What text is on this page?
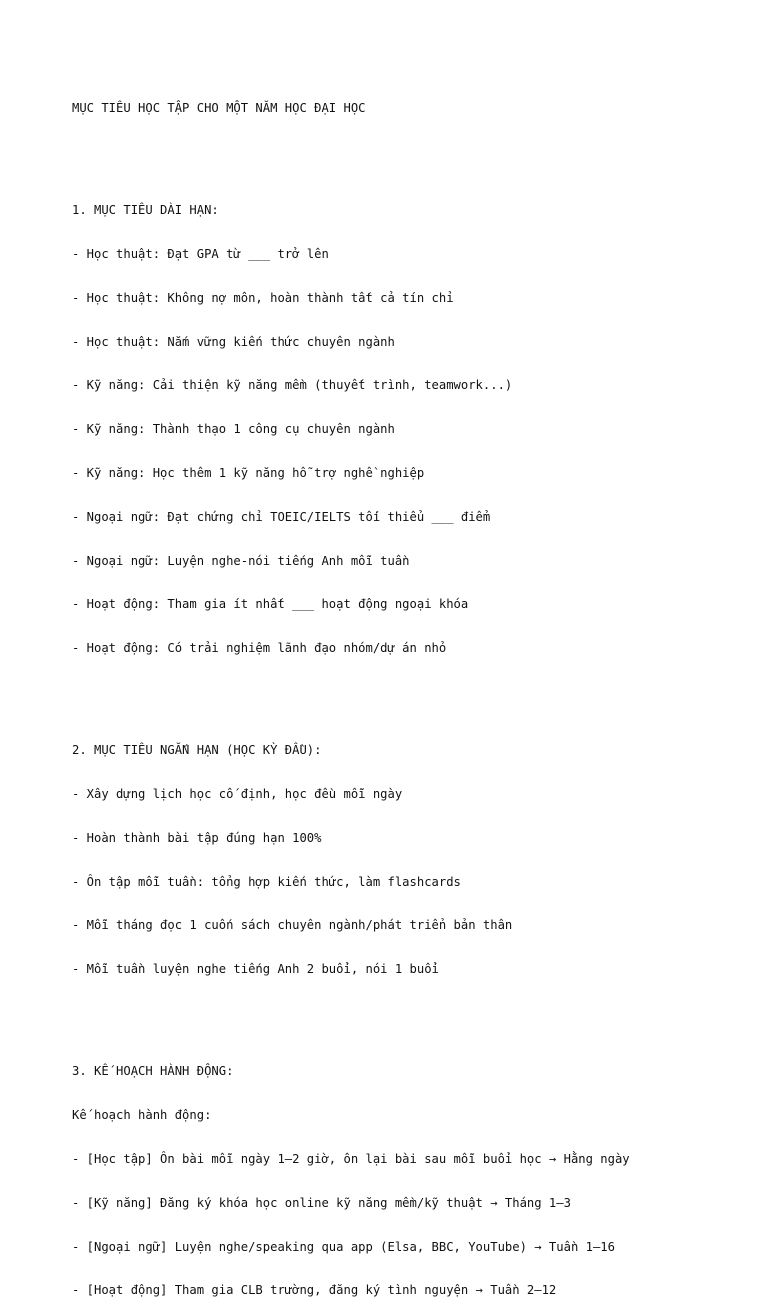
MỤC TIÊU HỌC TẬP CHO MỘT NĂM HỌC ĐẠI HỌC

1. MỤC TIÊU DÀI HẠN:

- Học thuật: Đạt GPA từ ___ trở lên

- Học thuật: Không nợ môn, hoàn thành tất cả tín chỉ

- Học thuật: Nắm vững kiến thức chuyên ngành

- Kỹ năng: Cải thiện kỹ năng mềm (thuyết trình, teamwork...)

- Kỹ năng: Thành thạo 1 công cụ chuyên ngành

- Kỹ năng: Học thêm 1 kỹ năng hỗ trợ nghề nghiệp

- Ngoại ngữ: Đạt chứng chỉ TOEIC/IELTS tối thiểu ___ điểm

- Ngoại ngữ: Luyện nghe-nói tiếng Anh mỗi tuần

- Hoạt động: Tham gia ít nhất ___ hoạt động ngoại khóa

- Hoạt động: Có trải nghiệm lãnh đạo nhóm/dự án nhỏ

2. MỤC TIÊU NGẮN HẠN (HỌC KỲ ĐẦU):

- Xây dựng lịch học cố định, học đều mỗi ngày

- Hoàn thành bài tập đúng hạn 100%

- Ôn tập mỗi tuần: tổng hợp kiến thức, làm flashcards

- Mỗi tháng đọc 1 cuốn sách chuyên ngành/phát triển bản thân

- Mỗi tuần luyện nghe tiếng Anh 2 buổi, nói 1 buổi

3. KẾ HOẠCH HÀNH ĐỘNG:

Kế hoạch hành động:

- [Học tập] Ôn bài mỗi ngày 1–2 giờ, ôn lại bài sau mỗi buổi học → Hằng ngày

- [Kỹ năng] Đăng ký khóa học online kỹ năng mềm/kỹ thuật → Tháng 1–3

- [Ngoại ngữ] Luyện nghe/speaking qua app (Elsa, BBC, YouTube) → Tuần 1–16

- [Hoạt động] Tham gia CLB trường, đăng ký tình nguyện → Tuần 2–12
